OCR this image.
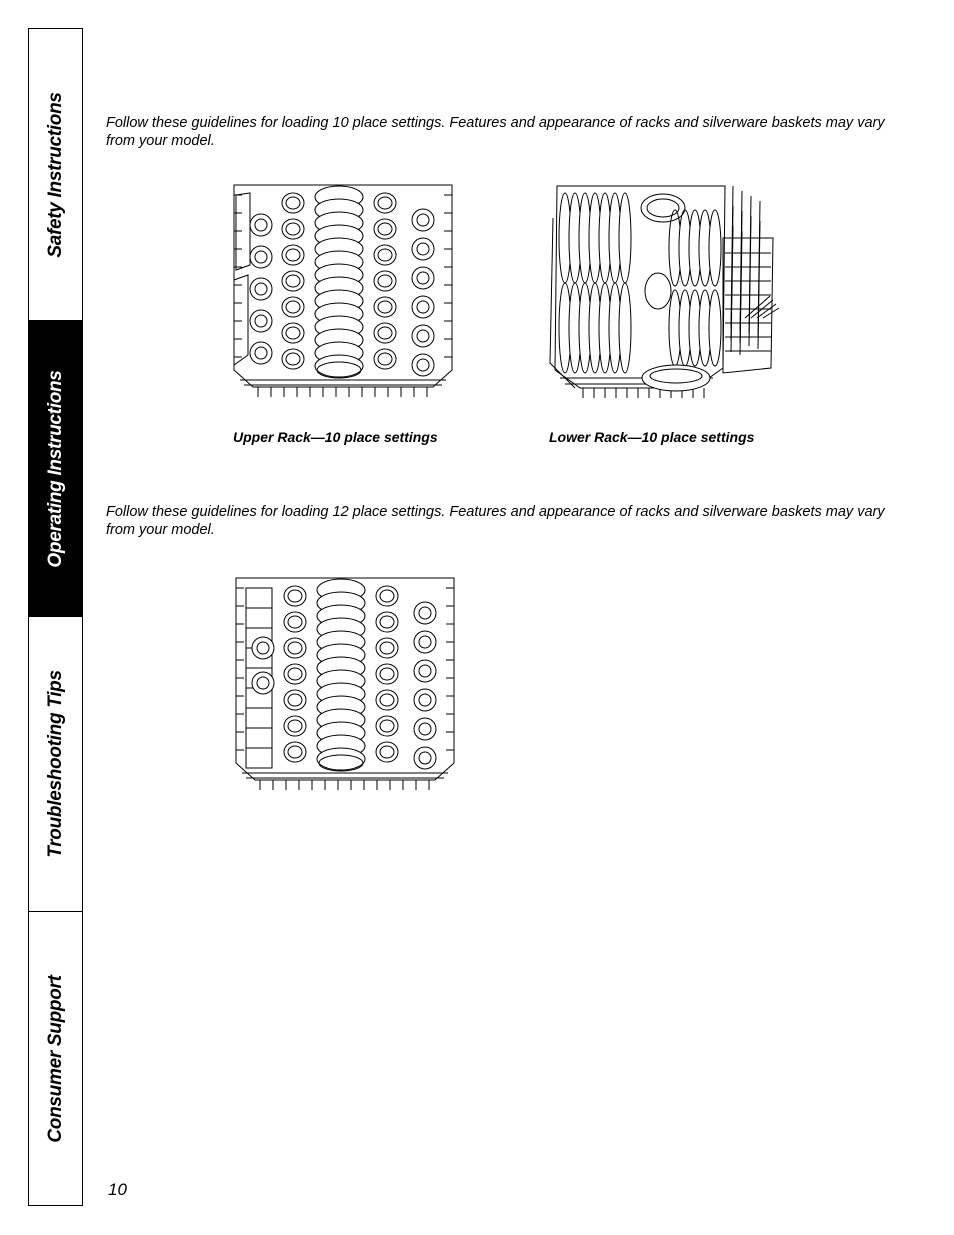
Safety Instructions
Operating Instructions
Troubleshooting Tips
Consumer Support

Follow these guidelines for loading 10 place settings. Features and appearance of racks and silverware baskets may vary from your model.

Upper Rack—10 place settings	Lower Rack—10 place settings

Follow these guidelines for loading 12 place settings. Features and appearance of racks and silverware baskets may vary from your model.

10
